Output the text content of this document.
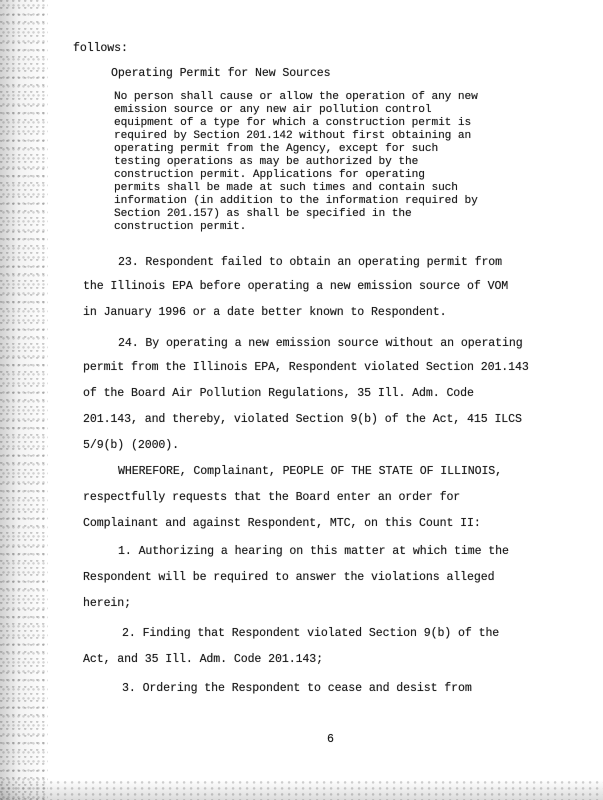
follows:
Operating Permit for New Sources
No person shall cause or allow the operation of any new
emission source or any new air pollution control
equipment of a type for which a construction permit is
required by Section 201.142 without first obtaining an
operating permit from the Agency, except for such
testing operations as may be authorized by the
construction permit. Applications for operating
permits shall be made at such times and contain such
information (in addition to the information required by
Section 201.157) as shall be specified in the
construction permit.
23. Respondent failed to obtain an operating permit from
the Illinois EPA before operating a new emission source of VOM
in January 1996 or a date better known to Respondent.
24. By operating a new emission source without an operating
permit from the Illinois EPA, Respondent violated Section 201.143
of the Board Air Pollution Regulations, 35 Ill. Adm. Code
201.143, and thereby, violated Section 9(b) of the Act, 415 ILCS
5/9(b) (2000).
WHEREFORE, Complainant, PEOPLE OF THE STATE OF ILLINOIS,
respectfully requests that the Board enter an order for
Complainant and against Respondent, MTC, on this Count II:
1. Authorizing a hearing on this matter at which time the
Respondent will be required to answer the violations alleged
herein;
2. Finding that Respondent violated Section 9(b) of the
Act, and 35 Ill. Adm. Code 201.143;
3. Ordering the Respondent to cease and desist from
6
